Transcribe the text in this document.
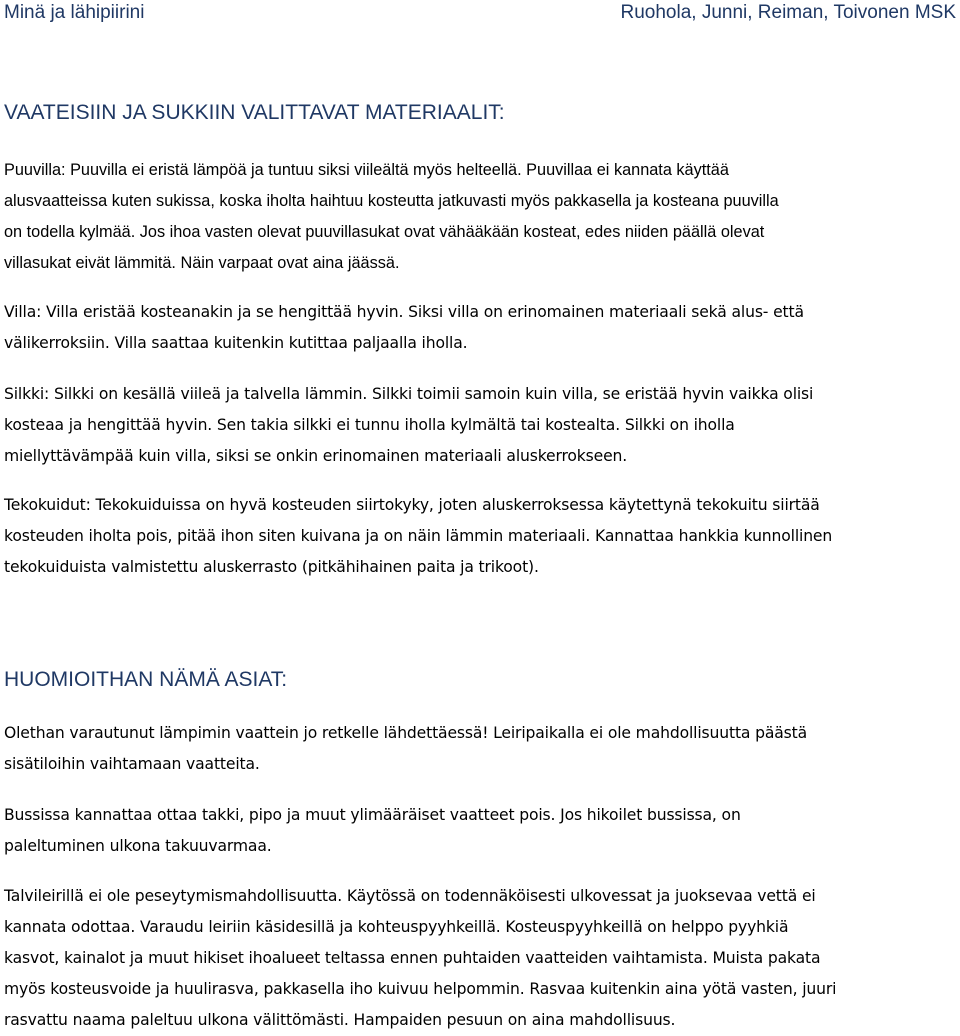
Minä ja lähipiirini	Ruohola, Junni, Reiman, Toivonen MSK
VAATEISIIN JA SUKKIIN VALITTAVAT MATERIAALIT:
Puuvilla: Puuvilla ei eristä lämpöä ja tuntuu siksi viileältä myös helteellä. Puuvillaa ei kannata käyttää
alusvaatteissa kuten sukissa, koska iholta haihtuu kosteutta jatkuvasti myös pakkasella ja kosteana puuvilla
on todella kylmää. Jos ihoa vasten olevat puuvillasukat ovat vähääkään kosteat, edes niiden päällä olevat
villasukat eivät lämmitä. Näin varpaat ovat aina jäässä.
Villa: Villa eristää kosteanakin ja se hengittää hyvin. Siksi villa on erinomainen materiaali sekä alus- että
välikerroksiin. Villa saattaa kuitenkin kutittaa paljaalla iholla.
Silkki: Silkki on kesällä viileä ja talvella lämmin. Silkki toimii samoin kuin villa, se eristää hyvin vaikka olisi
kosteaa ja hengittää hyvin. Sen takia silkki ei tunnu iholla kylmältä tai kostealta. Silkki on iholla
miellyttävämpää kuin villa, siksi se onkin erinomainen materiaali aluskerrokseen.
Tekokuidut: Tekokuiduissa on hyvä kosteuden siirtokyky, joten aluskerroksessa käytettynä tekokuitu siirtää
kosteuden iholta pois, pitää ihon siten kuivana ja on näin lämmin materiaali. Kannattaa hankkia kunnollinen
tekokuiduista valmistettu aluskerrasto (pitkähihainen paita ja trikoot).
HUOMIOITHAN NÄMÄ ASIAT:
Olethan varautunut lämpimin vaattein jo retkelle lähdettäessä! Leiripaikalla ei ole mahdollisuutta päästä
sisätiloihin vaihtamaan vaatteita.
Bussissa kannattaa ottaa takki, pipo ja muut ylimääräiset vaatteet pois. Jos hikoilet bussissa, on
paleltuminen ulkona takuuvarmaa.
Talvileirillä ei ole peseytymismahdollisuutta. Käytössä on todennäköisesti ulkovessat ja juoksevaa vettä ei
kannata odottaa. Varaudu leiriin käsidesillä ja kohteuspyyhkeillä. Kosteuspyyhkeillä on helppo pyyhkiä
kasvot, kainalot ja muut hikiset ihoalueet teltassa ennen puhtaiden vaatteiden vaihtamista. Muista pakata
myös kosteusvoide ja huulirasva, pakkasella iho kuivuu helpommin. Rasvaa kuitenkin aina yötä vasten, juuri
rasvattu naama paleltuu ulkona välittömästi. Hampaiden pesuun on aina mahdollisuus.
